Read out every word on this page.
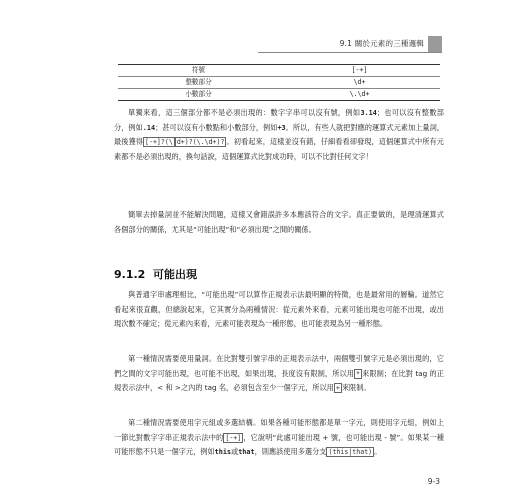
9.1 關於元素的三種邏輯
符號	[-+]
整數部分	\d+
小數部分	\.\d+

單獨來看，這三個部分都不是必須出現的：數字字串可以沒有號，例如3.14；也可以沒有整數部分，例如.14；甚可以沒有小數點和小數部分，例如+3。所以，有些人就把對應的運算式元素加上量詞，最後獲得 [-+]?(\ d+)?(\.\d+)? 。初看起來，這樣並沒有錯，仔細看看卻發現，這個運算式中所有元素都不是必須出現的，換句話說，這個運算式比對成功時，可以不比對任何文字！

簡單去掉量詞並不能解決問題，這樣又會錯誤許多本應該符合的文字。真正要做的，是理清運算式各個部分的關係，尤其是“可能出現”和“必須出現”之間的關係。

9.1.2 可能出現

與普通字串處理相比，“可能出現”可以算作正規表示法最明顯的特徵，也是最常用的層輪。道然它看起來很直觀，但總說起來，它其實分為兩種情況：從元素外來看，元素可能出現也可能不出現，或出現次數不確定；從元素內來看，元素可能表現為一種形態，也可能表現為另一種形態。

第一種情況需要使用量詞。在比對雙引號字串的正規表示法中，兩個雙引號字元是必須出現的，它們之間的文字可能出現，也可能不出現，如果出現，長度沒有限制，所以用 * 來限制；在比對 tag 的正規表示法中，< 和 >之內的 tag 名，必須包含至少一個字元，所以用 + 來限制。

第二種情況需要使用字元組或多選結構。如果各種可能形態都是單一字元，則使用字元組，例如上一節比對數字字串正規表示法中的 [-+] ，它說明“此處可能出現 + 號，也可能出現 - 號”。如果某一種可能形態不只是一個字元，例如this或that，則應該使用多選分支 (this|that) 。

9-3
